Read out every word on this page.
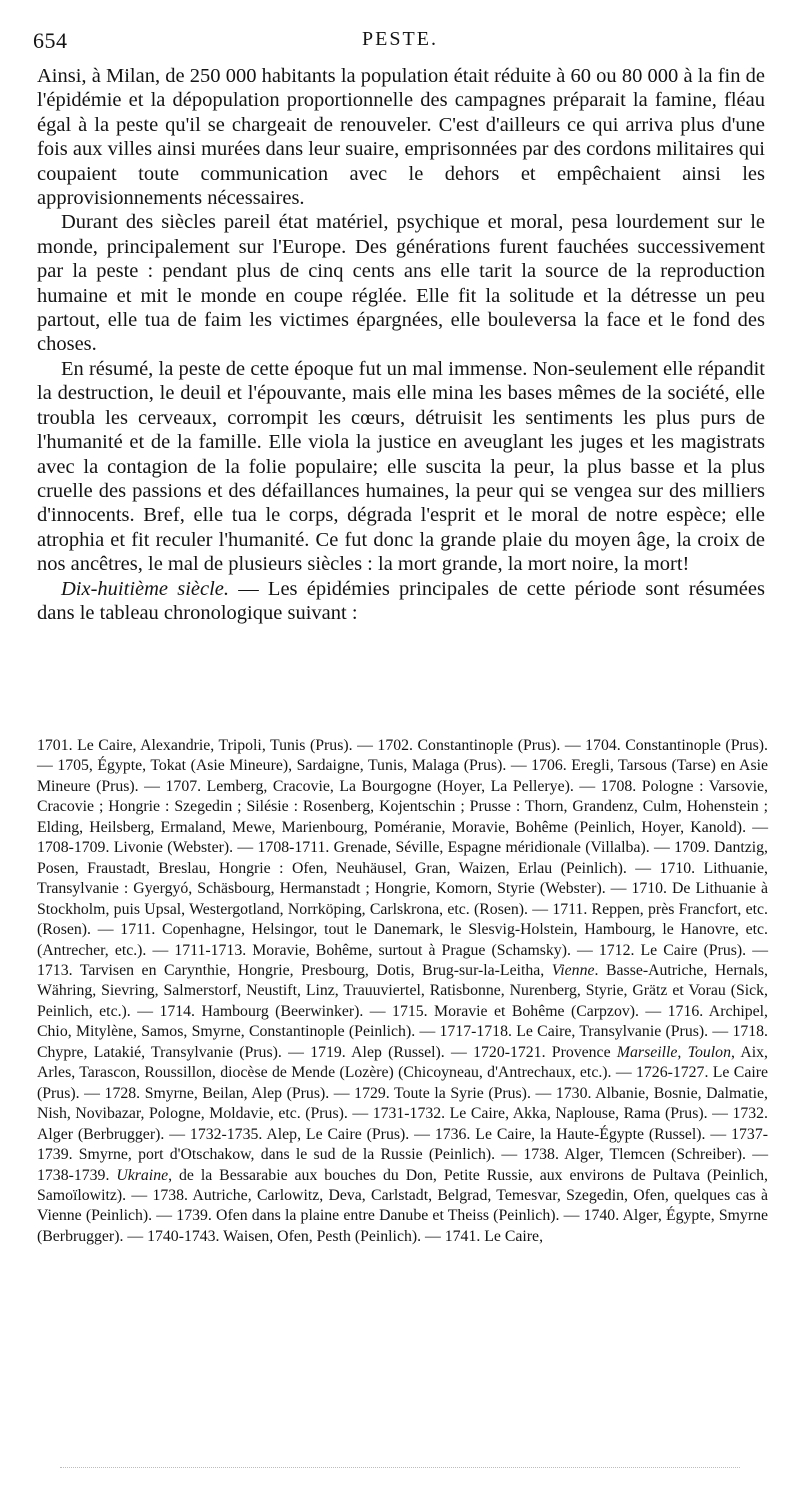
654	PESTE.

Ainsi, à Milan, de 250 000 habitants la population était réduite à 60 ou 80 000 à la fin de l'épidémie et la dépopulation proportionnelle des campagnes préparait la famine, fléau égal à la peste qu'il se chargeait de renouveler. C'est d'ailleurs ce qui arriva plus d'une fois aux villes ainsi murées dans leur suaire, emprisonnées par des cordons militaires qui coupaient toute communication avec le dehors et empêchaient ainsi les approvisionnements nécessaires.

Durant des siècles pareil état matériel, psychique et moral, pesa lourdement sur le monde, principalement sur l'Europe. Des générations furent fauchées successivement par la peste : pendant plus de cinq cents ans elle tarit la source de la reproduction humaine et mit le monde en coupe réglée. Elle fit la solitude et la détresse un peu partout, elle tua de faim les victimes épargnées, elle bouleversa la face et le fond des choses.

En résumé, la peste de cette époque fut un mal immense. Non-seulement elle répandit la destruction, le deuil et l'épouvante, mais elle mina les bases mêmes de la société, elle troubla les cerveaux, corrompit les cœurs, détruisit les sentiments les plus purs de l'humanité et de la famille. Elle viola la justice en aveuglant les juges et les magistrats avec la contagion de la folie populaire; elle suscita la peur, la plus basse et la plus cruelle des passions et des défaillances humaines, la peur qui se vengea sur des milliers d'innocents. Bref, elle tua le corps, dégrada l'esprit et le moral de notre espèce; elle atrophia et fit reculer l'humanité. Ce fut donc la grande plaie du moyen âge, la croix de nos ancêtres, le mal de plusieurs siècles : la mort grande, la mort noire, la mort!

Dix-huitième siècle. — Les épidémies principales de cette période sont résumées dans le tableau chronologique suivant :

1701. Le Caire, Alexandrie, Tripoli, Tunis (Prus). — 1702. Constantinople (Prus). — 1704. Constantinople (Prus). — 1705, Égypte, Tokat (Asie Mineure), Sardaigne, Tunis, Malaga (Prus). — 1706. Eregli, Tarsous (Tarse) en Asie Mineure (Prus). — 1707. Lemberg, Cracovie, La Bourgogne (Hoyer, La Pellerye). — 1708. Pologne : Varsovie, Cracovie ; Hongrie : Szegedin ; Silésie : Rosenberg, Kojentschin ; Prusse : Thorn, Grandenz, Culm, Hohenstein ; Elding, Heilsberg, Ermaland, Mewe, Marienbourg, Poméranie, Moravie, Bohême (Peinlich, Hoyer, Kanold). — 1708-1709. Livonie (Webster). — 1708-1711. Grenade, Séville, Espagne méridionale (Villalba). — 1709. Dantzig, Posen, Fraustadt, Breslau, Hongrie : Ofen, Neuhäusel, Gran, Waizen, Erlau (Peinlich). — 1710. Lithuanie, Transylvanie : Gyergyó, Schäsbourg, Hermanstadt ; Hongrie, Komorn, Styrie (Webster). — 1710. De Lithuanie à Stockholm, puis Upsal, Westergotland, Norrköping, Carlskrona, etc. (Rosen). — 1711. Reppen, près Francfort, etc. (Rosen). — 1711. Copenhagne, Helsingor, tout le Danemark, le Slesvig-Holstein, Hambourg, le Hanovre, etc. (Antrecher, etc.). — 1711-1713. Moravie, Bohême, surtout à Prague (Schamsky). — 1712. Le Caire (Prus). — 1713. Tarvisen en Carynthie, Hongrie, Presbourg, Dotis, Brug-sur-la-Leitha, Vienne. Basse-Autriche, Hernals, Währing, Sievring, Salmerstorf, Neustift, Linz, Trauuviertel, Ratisbonne, Nurenberg, Styrie, Grätz et Vorau (Sick, Peinlich, etc.). — 1714. Hambourg (Beerwinker). — 1715. Moravie et Bohême (Carpzov). — 1716. Archipel, Chio, Mitylène, Samos, Smyrne, Constantinople (Peinlich). — 1717-1718. Le Caire, Transylvanie (Prus). — 1718. Chypre, Latakié, Transylvanie (Prus). — 1719. Alep (Russel). — 1720-1721. Provence Marseille, Toulon, Aix, Arles, Tarascon, Roussillon, diocèse de Mende (Lozère) (Chicoyneau, d'Antrechaux, etc.). — 1726-1727. Le Caire (Prus). — 1728. Smyrne, Beilan, Alep (Prus). — 1729. Toute la Syrie (Prus). — 1730. Albanie, Bosnie, Dalmatie, Nish, Novibazar, Pologne, Moldavie, etc. (Prus). — 1731-1732. Le Caire, Akka, Naplouse, Rama (Prus). — 1732. Alger (Berbrugger). — 1732-1735. Alep, Le Caire (Prus). — 1736. Le Caire, la Haute-Égypte (Russel). — 1737-1739. Smyrne, port d'Otschakow, dans le sud de la Russie (Peinlich). — 1738. Alger, Tlemcen (Schreiber). — 1738-1739. Ukraine, de la Bessarabie aux bouches du Don, Petite Russie, aux environs de Pultava (Peinlich, Samoïlowitz). — 1738. Autriche, Carlowitz, Deva, Carlstadt, Belgrad, Temesvar, Szegedin, Ofen, quelques cas à Vienne (Peinlich). — 1739. Ofen dans la plaine entre Danube et Theiss (Peinlich). — 1740. Alger, Égypte, Smyrne (Berbrugger). — 1740-1743. Waisen, Ofen, Pesth (Peinlich). — 1741. Le Caire,
